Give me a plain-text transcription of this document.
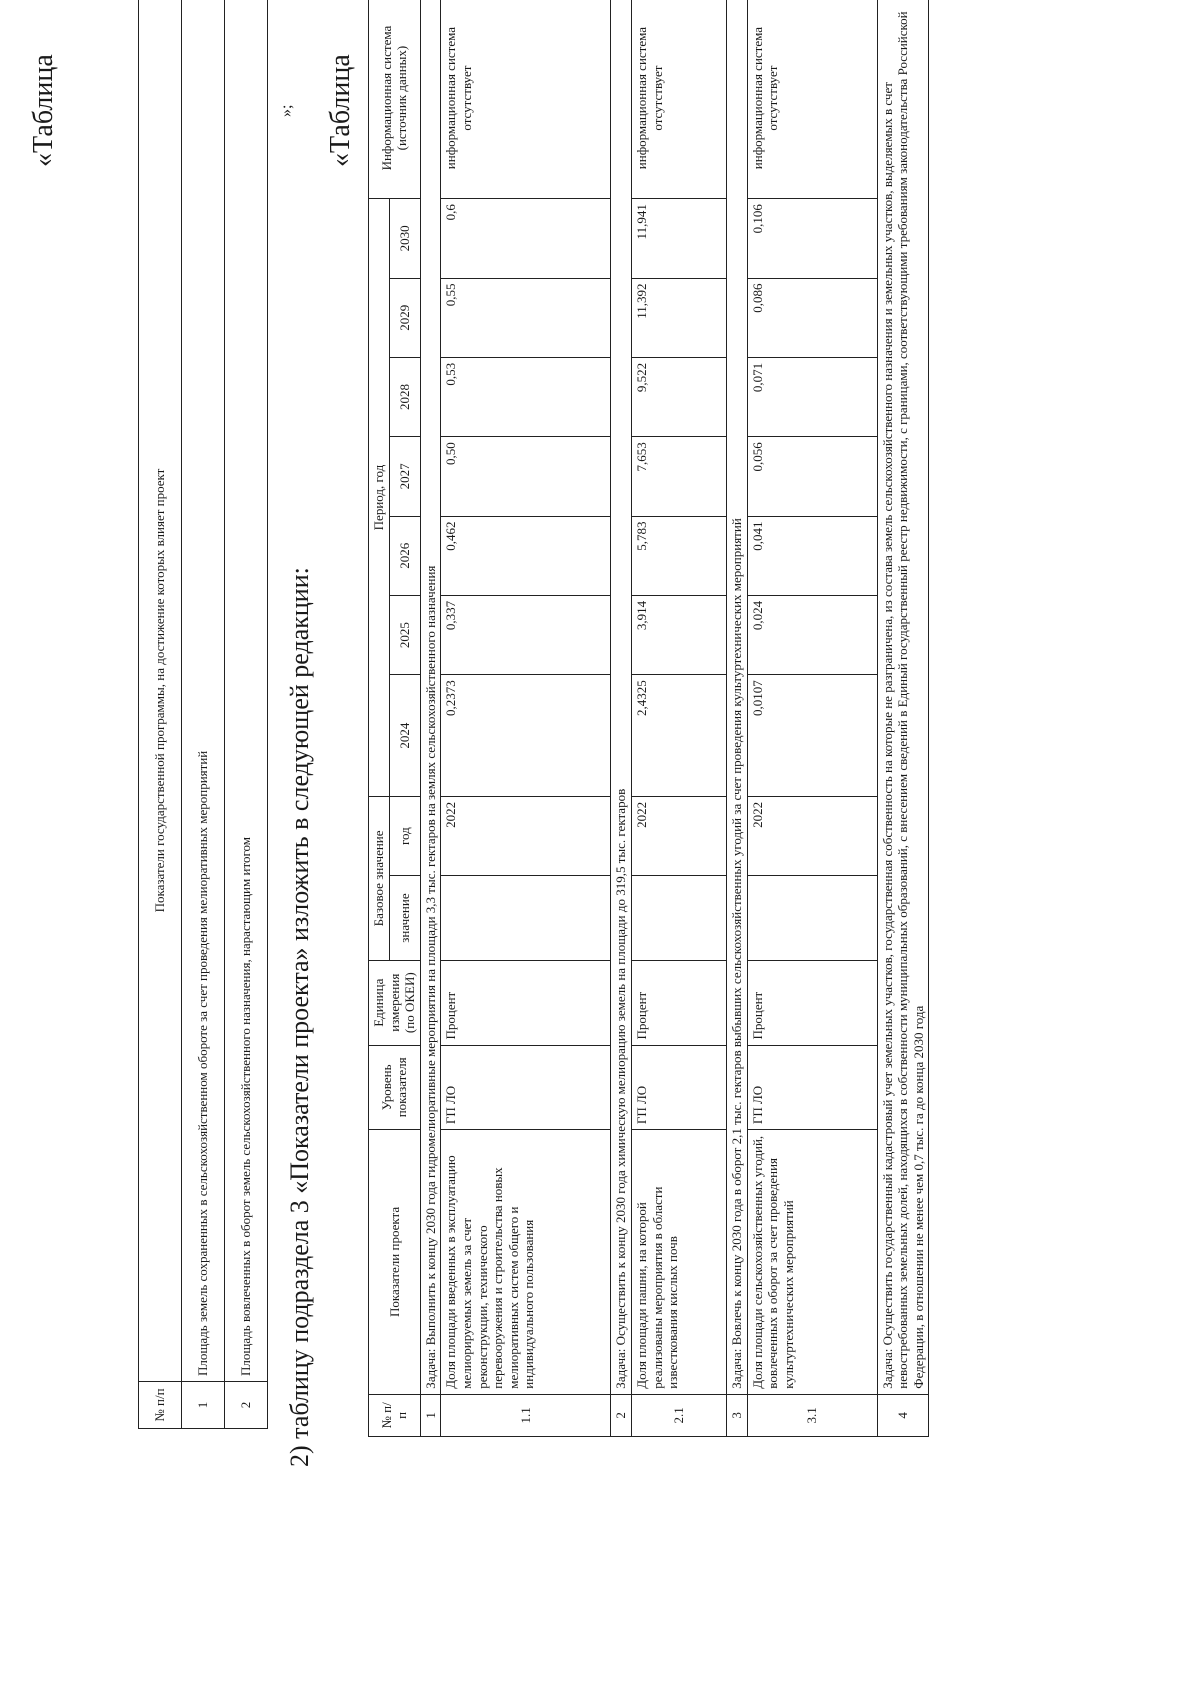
«Таблица
№ п/п	Показатели государственной программы, на достижение которых влияет проект
1	Площадь земель сохраненных в сельскохозяйственном обороте за счет проведения мелиоративных мероприятий
2	Площадь вовлеченных в оборот земель сельскохозяйственного назначения, нарастающим итогом
»;
2) таблицу подраздела 3 «Показатели проекта» изложить в следующей редакции:
«Таблица
№ п/п	Показатели проекта	Уровень показателя	Единица измерения (по ОКЕИ)	Базовое значение		Период, год							Информационная система (источник данных)
				значение	год	2024	2025	2026	2027	2028	2029	2030	

1	Задача: Выполнить к концу 2030 года гидромелиоративные мероприятия на площади 3,3 тыс. гектаров на землях сельскохозяйственного назначения												
1.1	Доля площади введенных в эксплуатацию мелиорируемых земель за счет реконструкции, технического перевооружения и строительства новых мелиоративных систем общего и индивидуального пользования	ГП ЛО	Процент		2022	0,2373	0,337	0,462	0,50	0,53	0,55	0,6	информационная система отсутствует
2	Задача: Осуществить к концу 2030 года химическую мелиорацию земель на площади до 319,5 тыс. гектаров												
2.1	Доля площади пашни, на которой реализованы мероприятия в области известкования кислых почв	ГП ЛО	Процент		2022	2,4325	3,914	5,783	7,653	9,522	11,392	11,941	информационная система отсутствует
3	Задача: Вовлечь к концу 2030 года в оборот 2,1 тыс. гектаров выбывших сельскохозяйственных угодий за счет проведения культуртехнических мероприятий												
3.1	Доля площади сельскохозяйственных угодий, вовлеченных в оборот за счет проведения культуртехнических мероприятий	ГП ЛО	Процент		2022	0,0107	0,024	0,041	0,056	0,071	0,086	0,106	информационная система отсутствует
4	Задача: Осуществить государственный кадастровый учет земельных участков, государственная собственность на которые не разграничена, из состава земель сельскохозяйственного назначения и земельных участков, выделяемых в счет невостребованных земельных долей, находящихся в собственности муниципальных образований, с внесением сведений в Единый государственный реестр недвижимости, с границами, соответствующими требованиям законодательства Российской Федерации, в отношении не менее чем 0,7 тыс. га до конца 2030 года												
